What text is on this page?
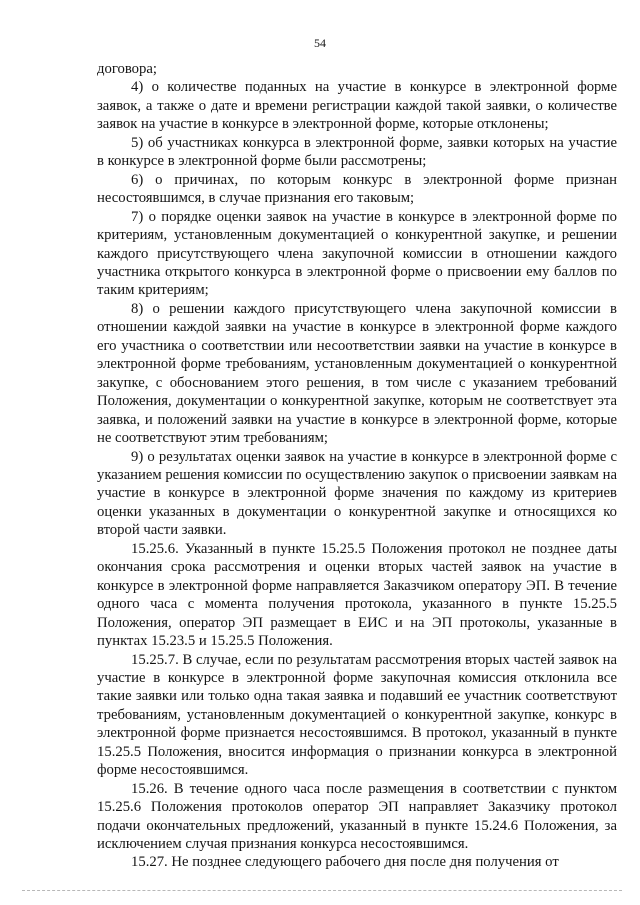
54

договора;

4) о количестве поданных на участие в конкурсе в электронной форме заявок, а также о дате и времени регистрации каждой такой заявки, о количестве заявок на участие в конкурсе в электронной форме, которые отклонены;

5) об участниках конкурса в электронной форме, заявки которых на участие в конкурсе в электронной форме были рассмотрены;

6) о причинах, по которым конкурс в электронной форме признан несостоявшимся, в случае признания его таковым;

7) о порядке оценки заявок на участие в конкурсе в электронной форме по критериям, установленным документацией о конкурентной закупке, и решении каждого присутствующего члена закупочной комиссии в отношении каждого участника открытого конкурса в электронной форме о присвоении ему баллов по таким критериям;

8) о решении каждого присутствующего члена закупочной комиссии в отношении каждой заявки на участие в конкурсе в электронной форме каждого его участника о соответствии или несоответствии заявки на участие в конкурсе в электронной форме требованиям, установленным документацией о конкурентной закупке, с обоснованием этого решения, в том числе с указанием требований Положения, документации о конкурентной закупке, которым не соответствует эта заявка, и положений заявки на участие в конкурсе в электронной форме, которые не соответствуют этим требованиям;

9) о результатах оценки заявок на участие в конкурсе в электронной форме с указанием решения комиссии по осуществлению закупок о присвоении заявкам на участие в конкурсе в электронной форме значения по каждому из критериев оценки указанных в документации о конкурентной закупке и относящихся ко второй части заявки.

15.25.6. Указанный в пункте 15.25.5 Положения протокол не позднее даты окончания срока рассмотрения и оценки вторых частей заявок на участие в конкурсе в электронной форме направляется Заказчиком оператору ЭП. В течение одного часа с момента получения протокола, указанного в пункте 15.25.5 Положения, оператор ЭП размещает в ЕИС и на ЭП протоколы, указанные в пунктах 15.23.5 и 15.25.5 Положения.

15.25.7. В случае, если по результатам рассмотрения вторых частей заявок на участие в конкурсе в электронной форме закупочная комиссия отклонила все такие заявки или только одна такая заявка и подавший ее участник соответствуют требованиям, установленным документацией о конкурентной закупке, конкурс в электронной форме признается несостоявшимся. В протокол, указанный в пункте 15.25.5 Положения, вносится информация о признании конкурса в электронной форме несостоявшимся.

15.26. В течение одного часа после размещения в соответствии с пунктом 15.25.6 Положения протоколов оператор ЭП направляет Заказчику протокол подачи окончательных предложений, указанный в пункте 15.24.6 Положения, за исключением случая признания конкурса несостоявшимся.

15.27. Не позднее следующего рабочего дня после дня получения от
